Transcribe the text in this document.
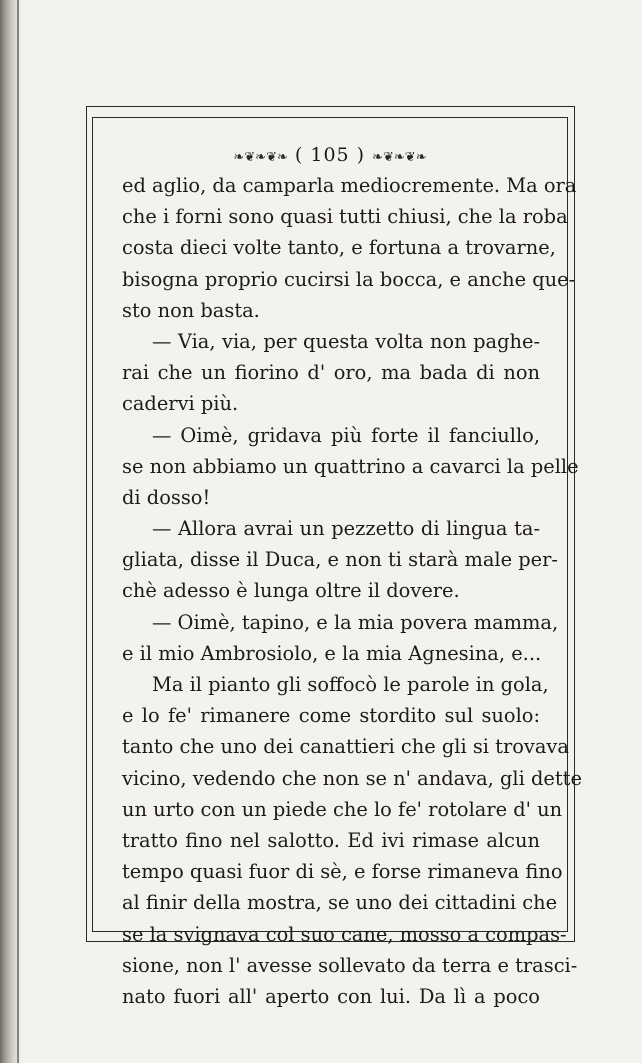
❧❦❧❦❧ ( 105 ) ❧❦❧❦❧
ed aglio, da camparla mediocremente. Ma ora
che i forni sono quasi tutti chiusi, che la roba
costa dieci volte tanto, e fortuna a trovarne,
bisogna proprio cucirsi la bocca, e anche que-
sto non basta.
— Via, via, per questa volta non paghe-
rai che un fiorino d' oro, ma bada di non
cadervi più.
— Oimè, gridava più forte il fanciullo,
se non abbiamo un quattrino a cavarci la pelle
di dosso!
— Allora avrai un pezzetto di lingua ta-
gliata, disse il Duca, e non ti starà male per-
chè adesso è lunga oltre il dovere.
— Oimè, tapino, e la mia povera mamma,
e il mio Ambrosiolo, e la mia Agnesina, e...
Ma il pianto gli soffocò le parole in gola,
e lo fe' rimanere come stordito sul suolo:
tanto che uno dei canattieri che gli si trovava
vicino, vedendo che non se n' andava, gli dette
un urto con un piede che lo fe' rotolare d' un
tratto fino nel salotto. Ed ivi rimase alcun
tempo quasi fuor di sè, e forse rimaneva fino
al finir della mostra, se uno dei cittadini che
se la svignava col suo cane, mosso a compas-
sione, non l' avesse sollevato da terra e trasci-
nato fuori all' aperto con lui. Da lì a poco
